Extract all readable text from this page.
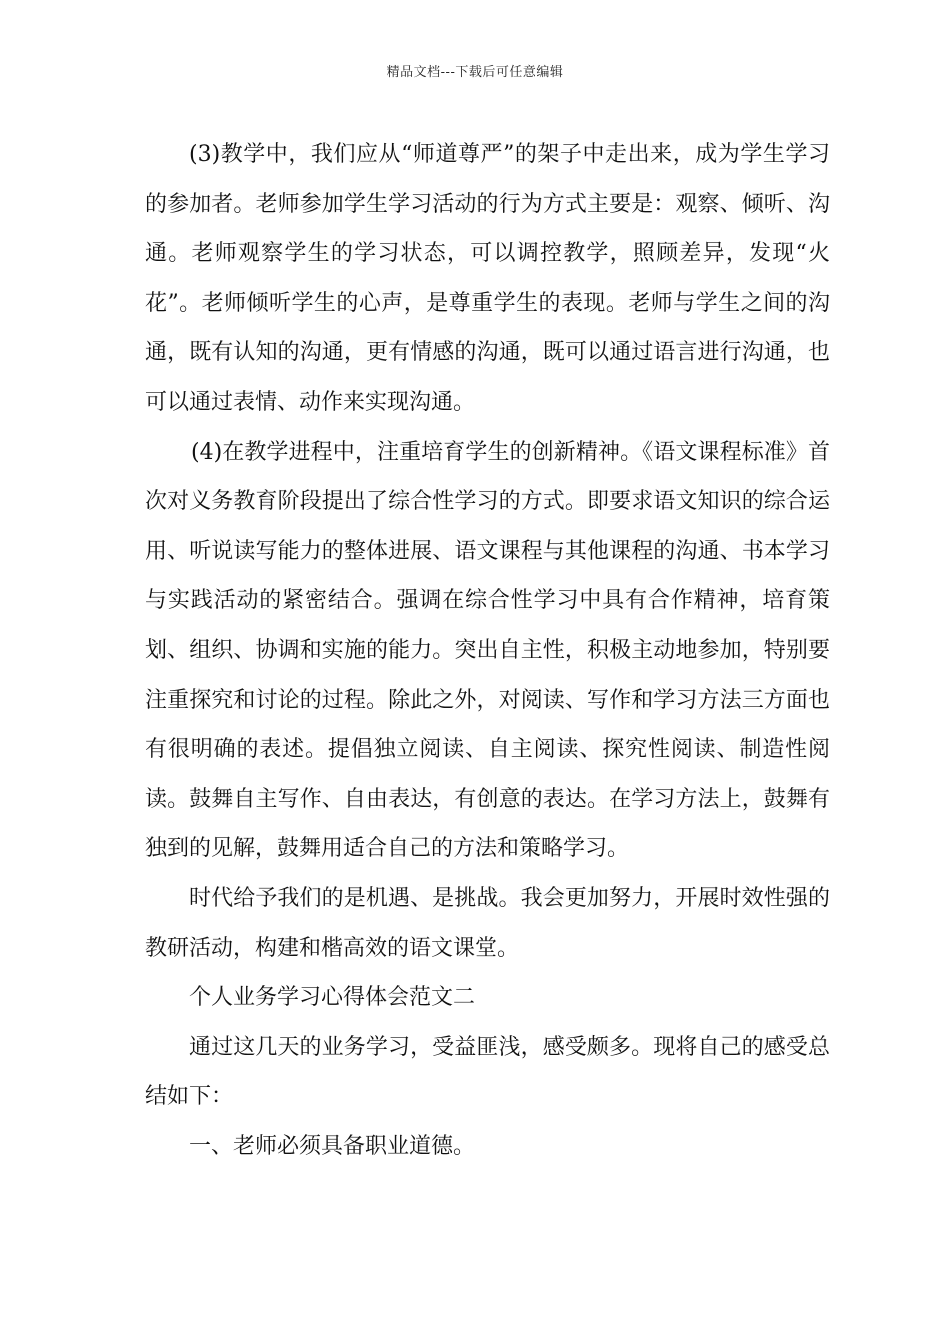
精品文档---下载后可任意编辑

(3)教学中，我们应从“师道尊严”的架子中走出来，成为学生学习的参加者。老师参加学生学习活动的行为方式主要是：观察、倾听、沟通。老师观察学生的学习状态，可以调控教学，照顾差异，发现“火花”。老师倾听学生的心声，是尊重学生的表现。老师与学生之间的沟通，既有认知的沟通，更有情感的沟通，既可以通过语言进行沟通，也可以通过表情、动作来实现沟通。

(4)在教学进程中，注重培育学生的创新精神。《语文课程标准》首次对义务教育阶段提出了综合性学习的方式。即要求语文知识的综合运用、听说读写能力的整体进展、语文课程与其他课程的沟通、书本学习与实践活动的紧密结合。强调在综合性学习中具有合作精神，培育策划、组织、协调和实施的能力。突出自主性，积极主动地参加，特别要注重探究和讨论的过程。除此之外，对阅读、写作和学习方法三方面也有很明确的表述。提倡独立阅读、自主阅读、探究性阅读、制造性阅读。鼓舞自主写作、自由表达，有创意的表达。在学习方法上，鼓舞有独到的见解，鼓舞用适合自己的方法和策略学习。

时代给予我们的是机遇、是挑战。我会更加努力，开展时效性强的教研活动，构建和楷高效的语文课堂。

个人业务学习心得体会范文二

通过这几天的业务学习，受益匪浅，感受颇多。现将自己的感受总结如下：

一、老师必须具备职业道德。
